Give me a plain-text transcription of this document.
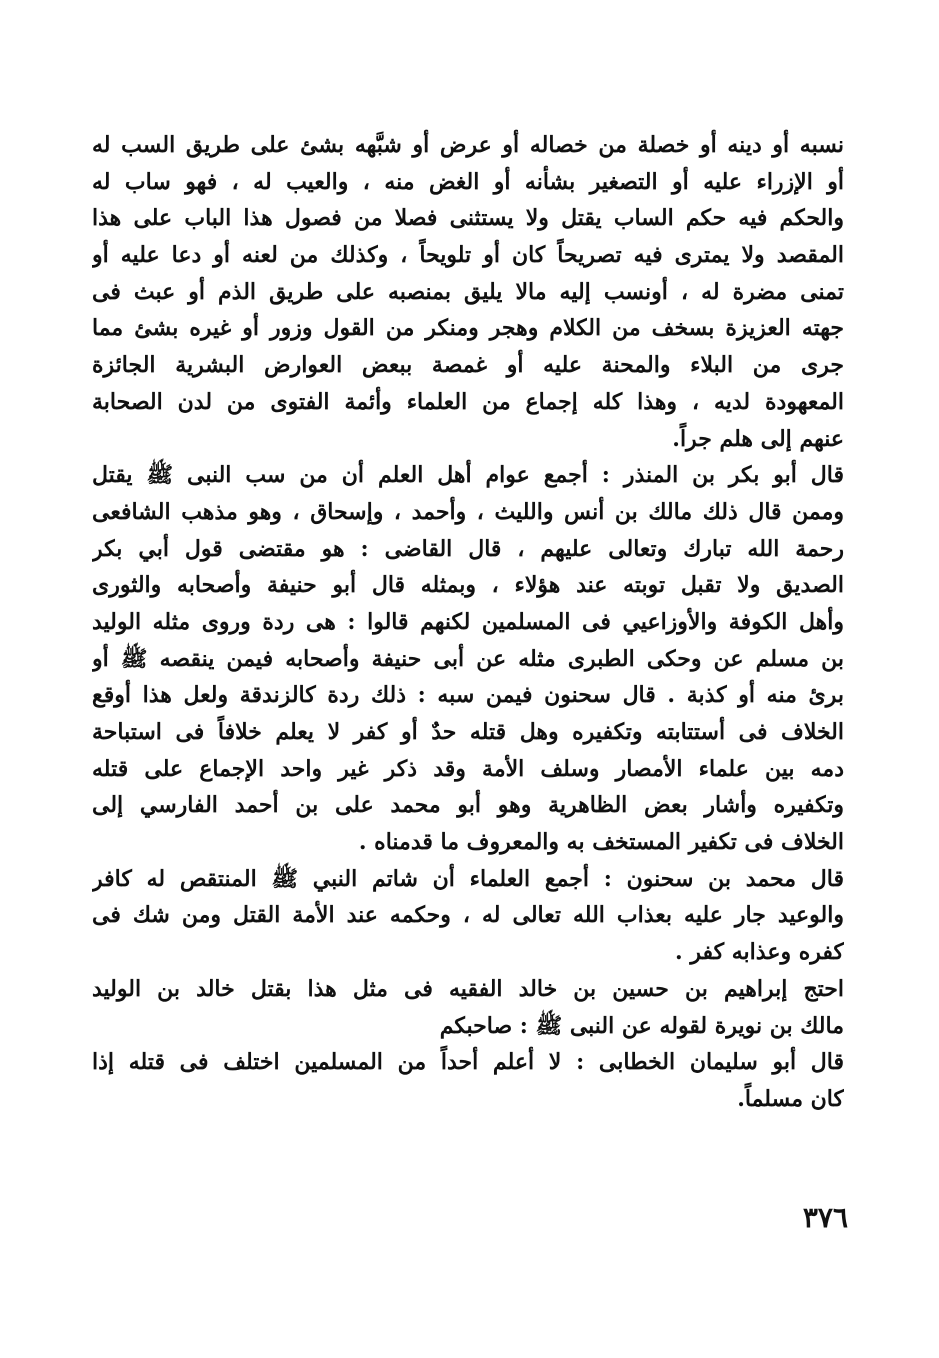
نسبه أو دينه أو خصلة من خصاله أو عرض أو شبَّهه بشئ على طريق السب له
أو الإزراء عليه أو التصغير بشأنه أو الغض منه ، والعيب له ، فهو ساب له
والحكم فيه حكم الساب يقتل ولا يستثنى فصلا من فصول هذا الباب على هذا
المقصد ولا يمترى فيه تصريحاً كان أو تلويحاً ، وكذلك من لعنه أو دعا عليه أو
تمنى مضرة له ، أونسب إليه مالا يليق بمنصبه على طريق الذم أو عبث فى
جهته العزيزة بسخف من الكلام وهجر ومنكر من القول وزور أو غيره بشئ مما
جرى من البلاء والمحنة عليه أو غمصة ببعض العوارض البشرية الجائزة
المعهودة لديه ، وهذا كله إجماع من العلماء وأئمة الفتوى من لدن الصحابة
عنهم إلى هلم جراً.
قال أبو بكر بن المنذر : أجمع عوام أهل العلم أن من سب النبى ﷺ يقتل
وممن قال ذلك مالك بن أنس والليث ، وأحمد ، وإسحاق ، وهو مذهب الشافعى
رحمة الله تبارك وتعالى عليهم ، قال القاضى : هو مقتضى قول أبي بكر
الصديق ولا تقبل توبته عند هؤلاء ، وبمثله قال أبو حنيفة وأصحابه والثورى
وأهل الكوفة والأوزاعيي فى المسلمين لكنهم قالوا : هى ردة وروى مثله الوليد
بن مسلم عن وحكى الطبرى مثله عن أبى حنيفة وأصحابه فيمن ينقصه ﷺ أو
برئ منه أو كذبة . قال سحنون فيمن سبه : ذلك ردة كالزندقة ولعل هذا أوقع
الخلاف فى أستتابته وتكفيره وهل قتله حدٌ أو كفر لا يعلم خلافاً فى استباحة
دمه بين علماء الأمصار وسلف الأمة وقد ذكر غير واحد الإجماع على قتله
وتكفيره وأشار بعض الظاهرية وهو أبو محمد على بن أحمد الفارسي إلى
الخلاف فى تكفير المستخف به والمعروف ما قدمناه .
قال محمد بن سحنون : أجمع العلماء أن شاتم النبي ﷺ المنتقص له كافر
والوعيد جار عليه بعذاب الله تعالى له ، وحكمه عند الأمة القتل ومن شك فى
كفره وعذابه كفر .
احتج إبراهيم بن حسين بن خالد الفقيه فى مثل هذا بقتل خالد بن الوليد
مالك بن نويرة لقوله عن النبى ﷺ : صاحبكم
قال أبو سليمان الخطابى : لا أعلم أحداً من المسلمين اختلف فى قتله إذا
كان مسلماً.
٣٧٦
